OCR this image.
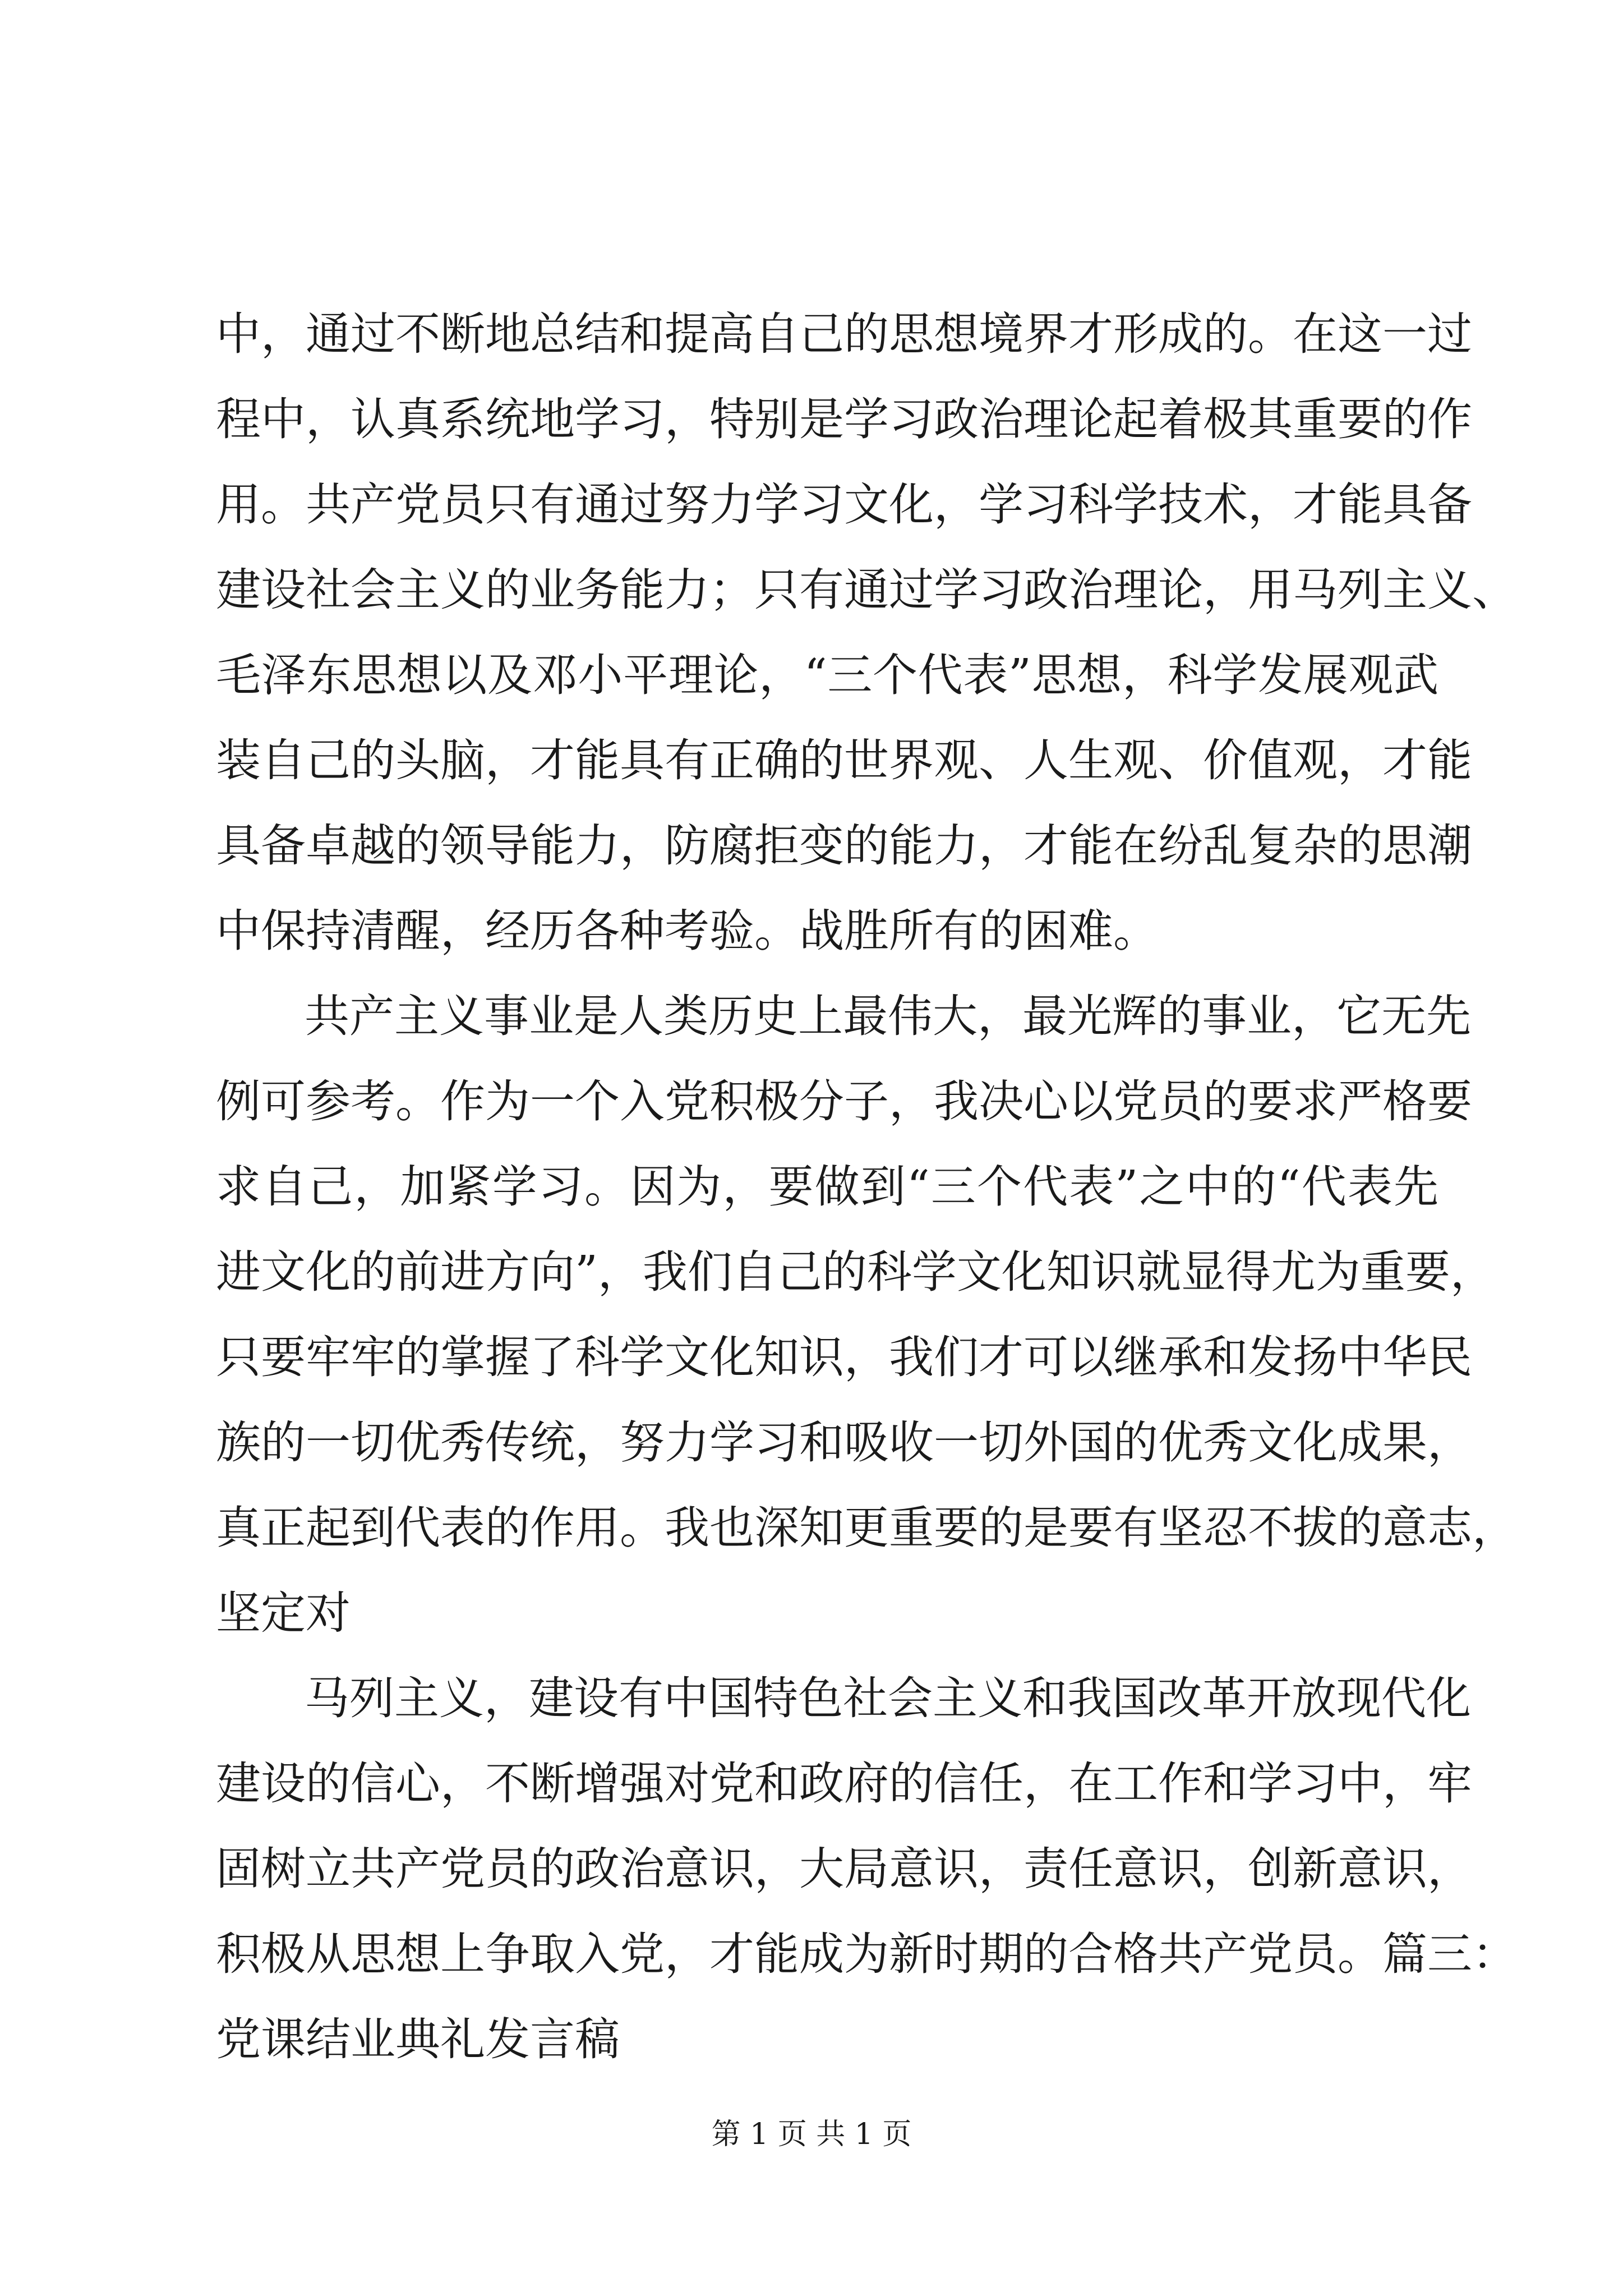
中，通过不断地总结和提高自己的思想境界才形成的。在这一过
程中，认真系统地学习，特别是学习政治理论起着极其重要的作
用。共产党员只有通过努力学习文化，学习科学技术，才能具备
建设社会主义的业务能力；只有通过学习政治理论，用马列主义、
毛泽东思想以及邓小平理论，“三个代表”思想，科学发展观武
装自己的头脑，才能具有正确的世界观、人生观、价值观，才能
具备卓越的领导能力，防腐拒变的能力，才能在纷乱复杂的思潮
中保持清醒，经历各种考验。战胜所有的困难。
共产主义事业是人类历史上最伟大，最光辉的事业，它无先
例可参考。作为一个入党积极分子，我决心以党员的要求严格要
求自己，加紧学习。因为，要做到“三个代表”之中的“代表先
进文化的前进方向”，我们自己的科学文化知识就显得尤为重要，
只要牢牢的掌握了科学文化知识，我们才可以继承和发扬中华民
族的一切优秀传统，努力学习和吸收一切外国的优秀文化成果，
真正起到代表的作用。我也深知更重要的是要有坚忍不拔的意志，
坚定对
马列主义，建设有中国特色社会主义和我国改革开放现代化
建设的信心，不断增强对党和政府的信任，在工作和学习中，牢
固树立共产党员的政治意识，大局意识，责任意识，创新意识，
积极从思想上争取入党，才能成为新时期的合格共产党员。篇三：
党课结业典礼发言稿
第 1 页 共 1 页
